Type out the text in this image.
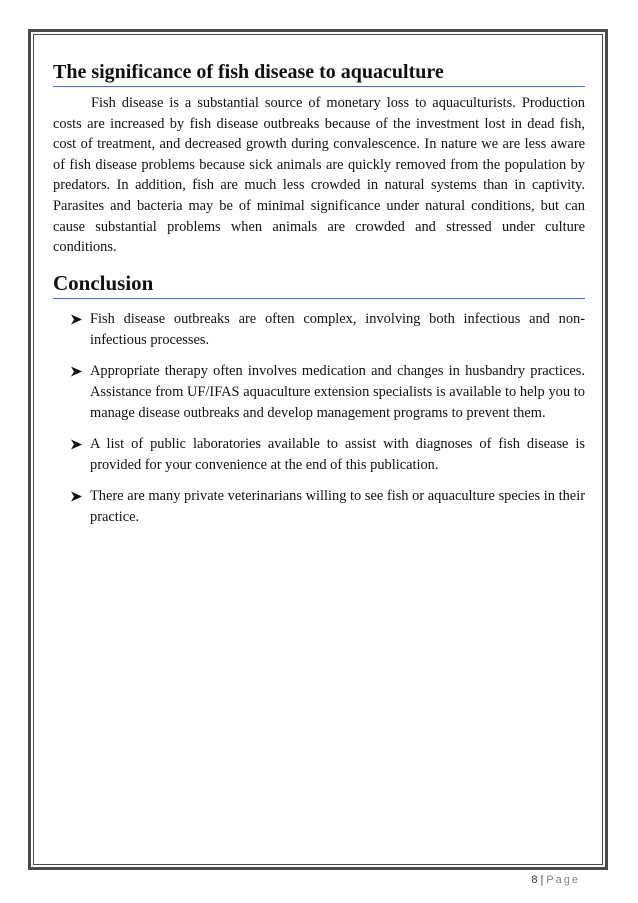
The significance of fish disease to aquaculture

Fish disease is a substantial source of monetary loss to aquaculturists. Production costs are increased by fish disease outbreaks because of the investment lost in dead fish, cost of treatment, and decreased growth during convalescence. In nature we are less aware of fish disease problems because sick animals are quickly removed from the population by predators. In addition, fish are much less crowded in natural systems than in captivity. Parasites and bacteria may be of minimal significance under natural conditions, but can cause substantial problems when animals are crowded and stressed under culture conditions.

Conclusion
Fish disease outbreaks are often complex, involving both infectious and non-infectious processes.
Appropriate therapy often involves medication and changes in husbandry practices. Assistance from UF/IFAS aquaculture extension specialists is available to help you to manage disease outbreaks and develop management programs to prevent them.
A list of public laboratories available to assist with diagnoses of fish disease is provided for your convenience at the end of this publication.
There are many private veterinarians willing to see fish or aquaculture species in their practice.
8 | Page
